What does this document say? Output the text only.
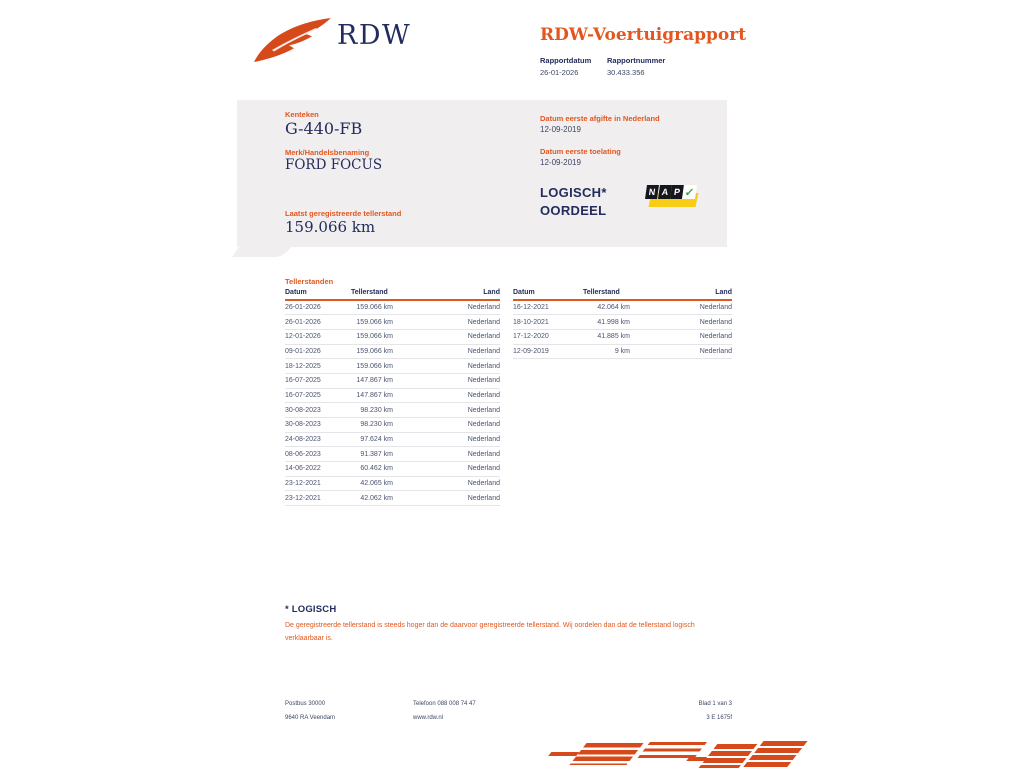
RDW	RDW-Voertuigrapport
Rapportdatum Rapportnummer
26-01-2026	30.433.356
Kenteken
G-440-FB
Merk/Handelsbenaming
FORD FOCUS
Laatst geregistreerde tellerstand
159.066 km
Datum eerste afgifte in Nederland
12-09-2019
Datum eerste toelating
12-09-2019
LOGISCH*
OORDEEL
N A P ✓
Tellerstanden
Datum	Tellerstand	Land
26-01-2026	159.066 km	Nederland
26-01-2026	159.066 km	Nederland
12-01-2026	159.066 km	Nederland
09-01-2026	159.066 km	Nederland
18-12-2025	159.066 km	Nederland
16-07-2025	147.867 km	Nederland
16-07-2025	147.867 km	Nederland
30-08-2023	98.230 km	Nederland
30-08-2023	98.230 km	Nederland
24-08-2023	97.624 km	Nederland
08-06-2023	91.387 km	Nederland
14-06-2022	60.462 km	Nederland
23-12-2021	42.065 km	Nederland
23-12-2021	42.062 km	Nederland
Datum	Tellerstand	Land
16-12-2021	42.064 km	Nederland
18-10-2021	41.998 km	Nederland
17-12-2020	41.885 km	Nederland
12-09-2019	9 km	Nederland
* LOGISCH
De geregistreerde tellerstand is steeds hoger dan de daarvoor geregistreerde tellerstand. Wij oordelen dan dat de tellerstand logisch verklaarbaar is.
Postbus 30000
9640 RA Veendam
Telefoon 088 008 74 47
www.rdw.nl
Blad 1 van 3
3 E 1675f
